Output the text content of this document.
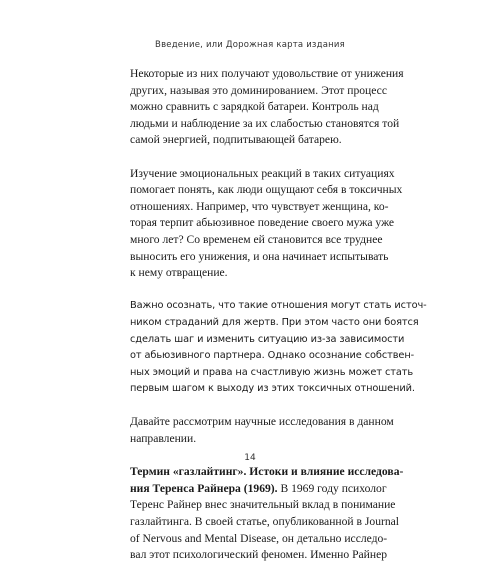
Введение, или Дорожная карта издания

Некоторые из них получают удовольствие от унижения
других, называя это доминированием. Этот процесс
можно сравнить с зарядкой батареи. Контроль над
людьми и наблюдение за их слабостью становятся той
самой энергией, подпитывающей батарею.

Изучение эмоциональных реакций в таких ситуациях
помогает понять, как люди ощущают себя в токсичных
отношениях. Например, что чувствует женщина, ко-
торая терпит абьюзивное поведение своего мужа уже
много лет? Со временем ей становится все труднее
выносить его унижения, и она начинает испытывать
к нему отвращение.

Важно осознать, что такие отношения могут стать источ-
ником страданий для жертв. При этом часто они боятся
сделать шаг и изменить ситуацию из-за зависимости
от абьюзивного партнера. Однако осознание собствен-
ных эмоций и права на счастливую жизнь может стать
первым шагом к выходу из этих токсичных отношений.

Давайте рассмотрим научные исследования в данном
направлении.

Термин «газлайтинг». Истоки и влияние исследова-
ния Теренса Райнера (1969). В 1969 году психолог
Теренс Райнер внес значительный вклад в понимание
газлайтинга. В своей статье, опубликованной в Journal
of Nervous and Mental Disease, он детально исследо-
вал этот психологический феномен. Именно Райнер

14
